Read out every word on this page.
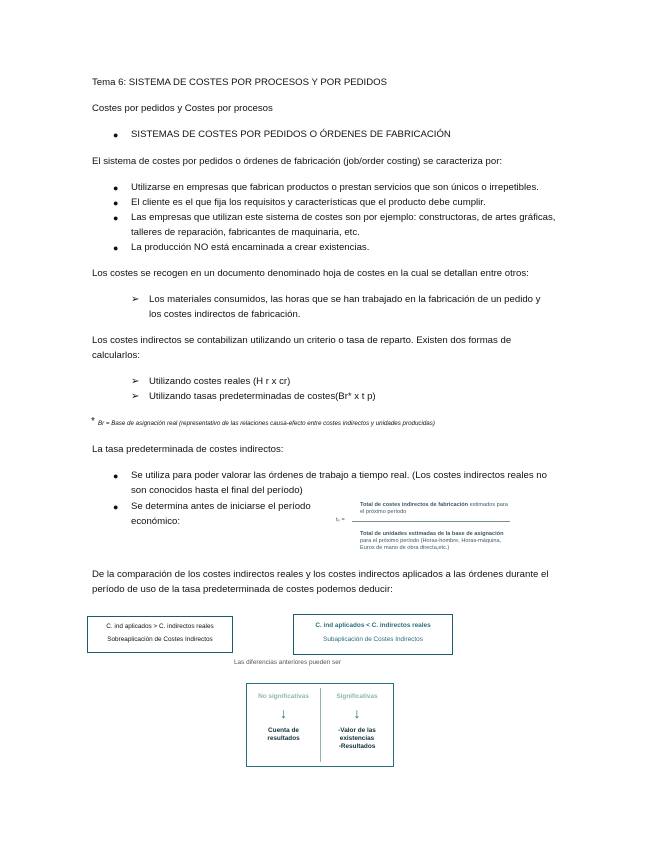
Tema 6: SISTEMA DE COSTES POR PROCESOS Y POR PEDIDOS
Costes por pedidos y Costes por procesos
● SISTEMAS DE COSTES POR PEDIDOS O ÓRDENES DE FABRICACIÓN
El sistema de costes por pedidos o órdenes de fabricación (job/order costing) se caracteriza por:
● Utilizarse en empresas que fabrican productos o prestan servicios que son únicos o irrepetibles.
● El cliente es el que fija los requisitos y características que el producto debe cumplir.
● Las empresas que utilizan este sistema de costes son por ejemplo: constructoras, de artes gráficas,
talleres de reparación, fabricantes de maquinaria, etc.
● La producción NO está encaminada a crear existencias.
Los costes se recogen en un documento denominado hoja de costes en la cual se detallan entre otros:
➢ Los materiales consumidos, las horas que se han trabajado en la fabricación de un pedido y
los costes indirectos de fabricación.
Los costes indirectos se contabilizan utilizando un criterio o tasa de reparto. Existen dos formas de
calcularlos:
➢ Utilizando costes reales (H r x cr)
➢ Utilizando tasas predeterminadas de costes(Br* x t p)
* Br = Base de asignación real (representativo de las relaciones causa-efecto entre costes indirectos y unidades producidas)
La tasa predeterminada de costes indirectos:
● Se utiliza para poder valorar las órdenes de trabajo a tiempo real. (Los costes indirectos reales no
son conocidos hasta el final del período)
● Se determina antes de iniciarse el período
económico:	tₚ =
Total de costes indirectos de fabricación estimados para
el próximo período
Total de unidades estimadas de la base de asignación
para el próximo período (Horas-hombre, Horas-máquina,
Euros de mano de obra directa,etc.)
De la comparación de los costes indirectos reales y los costes indirectos aplicados a las órdenes durante el
período de uso de la tasa predeterminada de costes podemos deducir:
C. ind aplicados > C. indirectos reales
Sobreaplicación de Costes Indirectos
C. ind aplicados < C. indirectos reales
Subaplicación de Costes Indirectos
Las diferencias anteriores pueden ser
No significativas
↓
Cuenta de
resultados
Significativas
↓
-Valor de las
existencias
-Resultados
